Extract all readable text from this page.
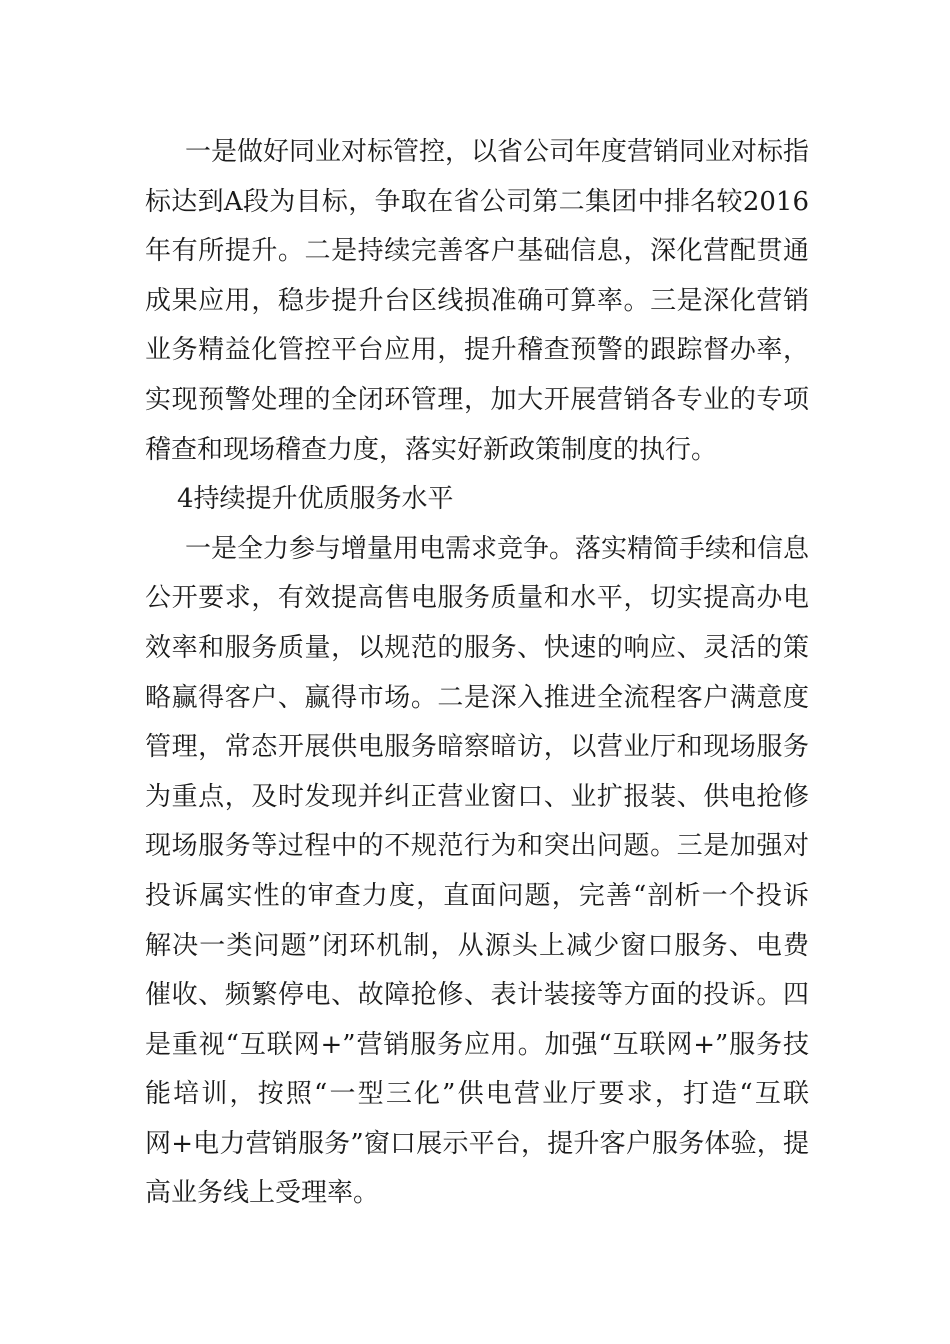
一是做好同业对标管控，以省公司年度营销同业对标指
标达到A段为目标，争取在省公司第二集团中排名较2016
年有所提升。二是持续完善客户基础信息，深化营配贯通
成果应用，稳步提升台区线损准确可算率。三是深化营销
业务精益化管控平台应用，提升稽查预警的跟踪督办率，
实现预警处理的全闭环管理，加大开展营销各专业的专项
稽查和现场稽查力度，落实好新政策制度的执行。
4持续提升优质服务水平
一是全力参与增量用电需求竞争。落实精简手续和信息
公开要求，有效提高售电服务质量和水平，切实提高办电
效率和服务质量，以规范的服务、快速的响应、灵活的策
略赢得客户、赢得市场。二是深入推进全流程客户满意度
管理，常态开展供电服务暗察暗访，以营业厅和现场服务
为重点，及时发现并纠正营业窗口、业扩报装、供电抢修
现场服务等过程中的不规范行为和突出问题。三是加强对
投诉属实性的审查力度，直面问题，完善“剖析一个投诉
解决一类问题”闭环机制，从源头上减少窗口服务、电费
催收、频繁停电、故障抢修、表计装接等方面的投诉。四
是重视“互联网+”营销服务应用。加强“互联网+”服务技
能培训，按照“一型三化”供电营业厅要求，打造“互联
网+电力营销服务”窗口展示平台，提升客户服务体验，提
高业务线上受理率。
